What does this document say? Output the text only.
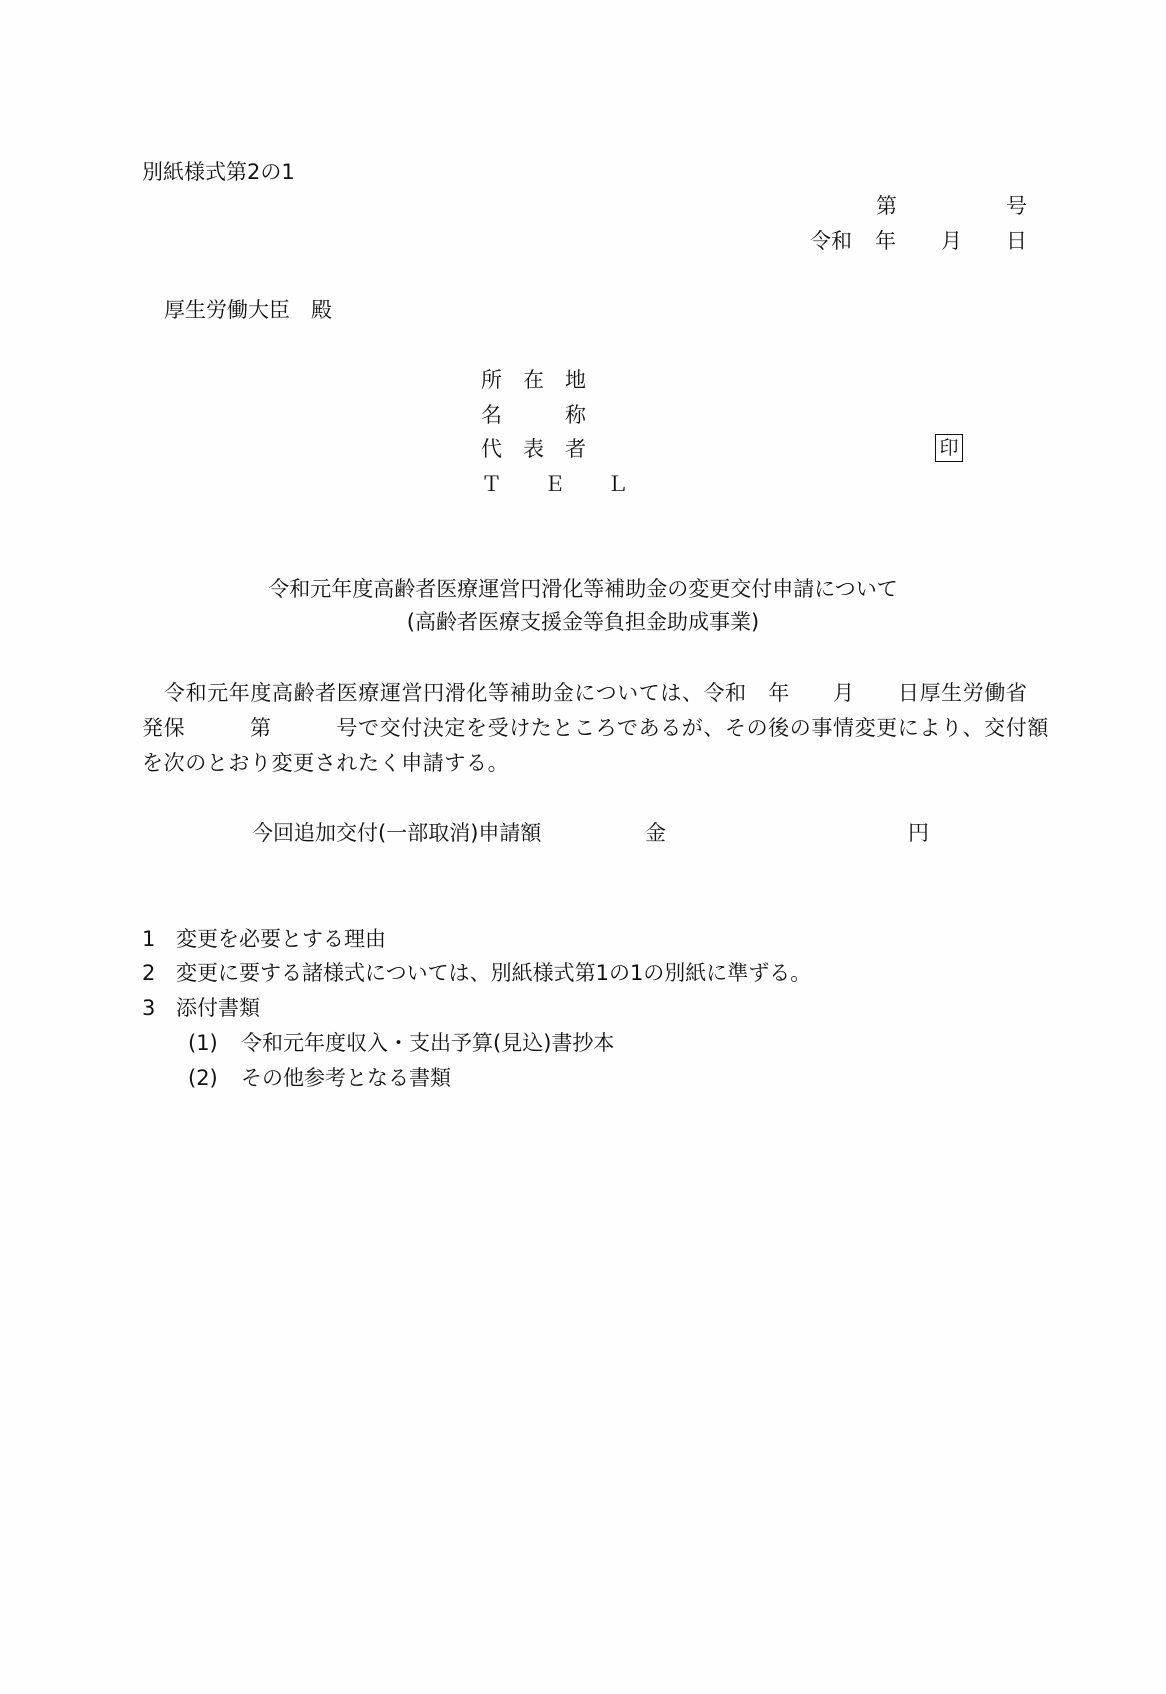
別紙様式第2の1
第	号
令和 年 月 日
厚生労働大臣　殿
所　在　地
名　　　称
代　表　者	印
Ｔ　　Ｅ　　Ｌ
令和元年度高齢者医療運営円滑化等補助金の変更交付申請について
(高齢者医療支援金等負担金助成事業)
令和元年度高齢者医療運営円滑化等補助金については、令和　年　　月　　日厚生労働省
発保　　　第　　　号で交付決定を受けたところであるが、その後の事情変更により、交付額
を次のとおり変更されたく申請する。
今回追加交付(一部取消)申請額	金	円
1 変更を必要とする理由
2 変更に要する諸様式については、別紙様式第1の1の別紙に準ずる。
3 添付書類
(1) 令和元年度収入・支出予算(見込)書抄本
(2) その他参考となる書類
